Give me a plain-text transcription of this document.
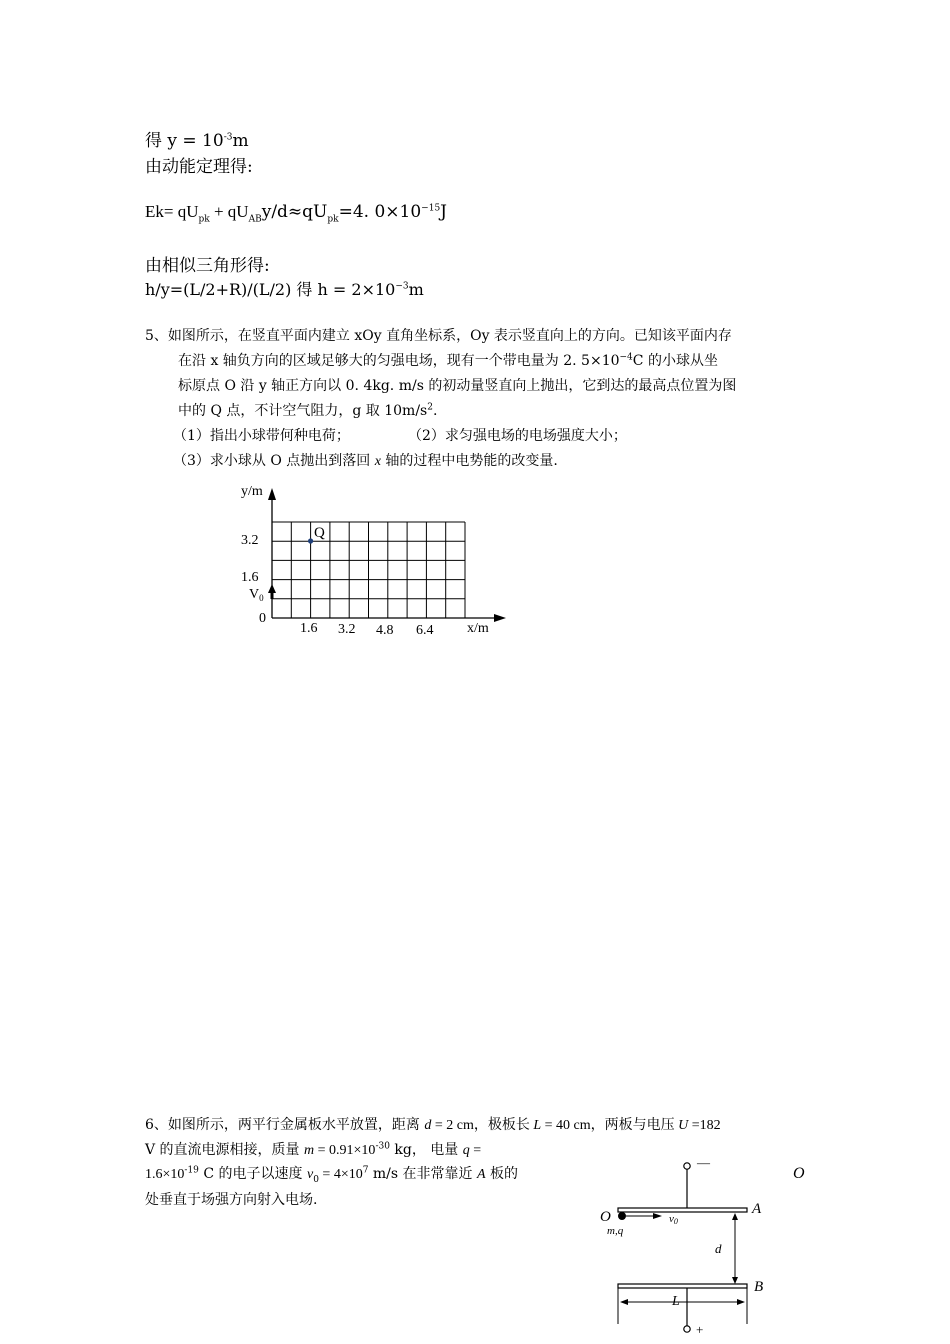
得 $y = 10^{-3}m$
由动能定理得:
$Ek= qU_{pk} + qU_{AB}y/d\approx qU_{pk}=4$. $0\times 10^{-15}J$
由相似三角形得:
h/y=(L/2+R)/(L/2) 得 $h = 2\times 10^{-3}m$
5、如图所示，在竖直平面内建立 xOy 直角坐标系，Oy 表示竖直向上的方向。已知该平面内存
在沿 x 轴负方向的区域足够大的匀强电场，现有一个带电量为 2. $5\times 10^{-4}C$ 的小球从坐
标原点 O 沿 y 轴正方向以 0. 4kg. m/s 的初动量竖直向上抛出，它到达的最高点位置为图
中的 Q 点，不计空气阻力，g 取 $10m/s^2$.
（1）指出小球带何种电荷；	（2）求匀强电场的电场强度大小；
（3）求小球从 O 点抛出到落回 x 轴的过程中电势能的改变量.
Q
y/m
3.2
1.6
$V_0$
0
1.6 3.2 4.8 6.4 x/m
6、如图所示，两平行金属板水平放置，距离 d = 2 cm，极板长 L = 40 cm，两板与电压 U =182
V 的直流电源相接，质量 $m = 0.91\times 10^{-30}$ kg， 电量 q =
$1.6\times 10^{-19}$ C 的电子以速度 $v_0 = 4\times 10^7$ m/s 在非常靠近 A 板的
处垂直于场强方向射入电场.
O
—
A
O
m,q
v0
d
B
L
+
